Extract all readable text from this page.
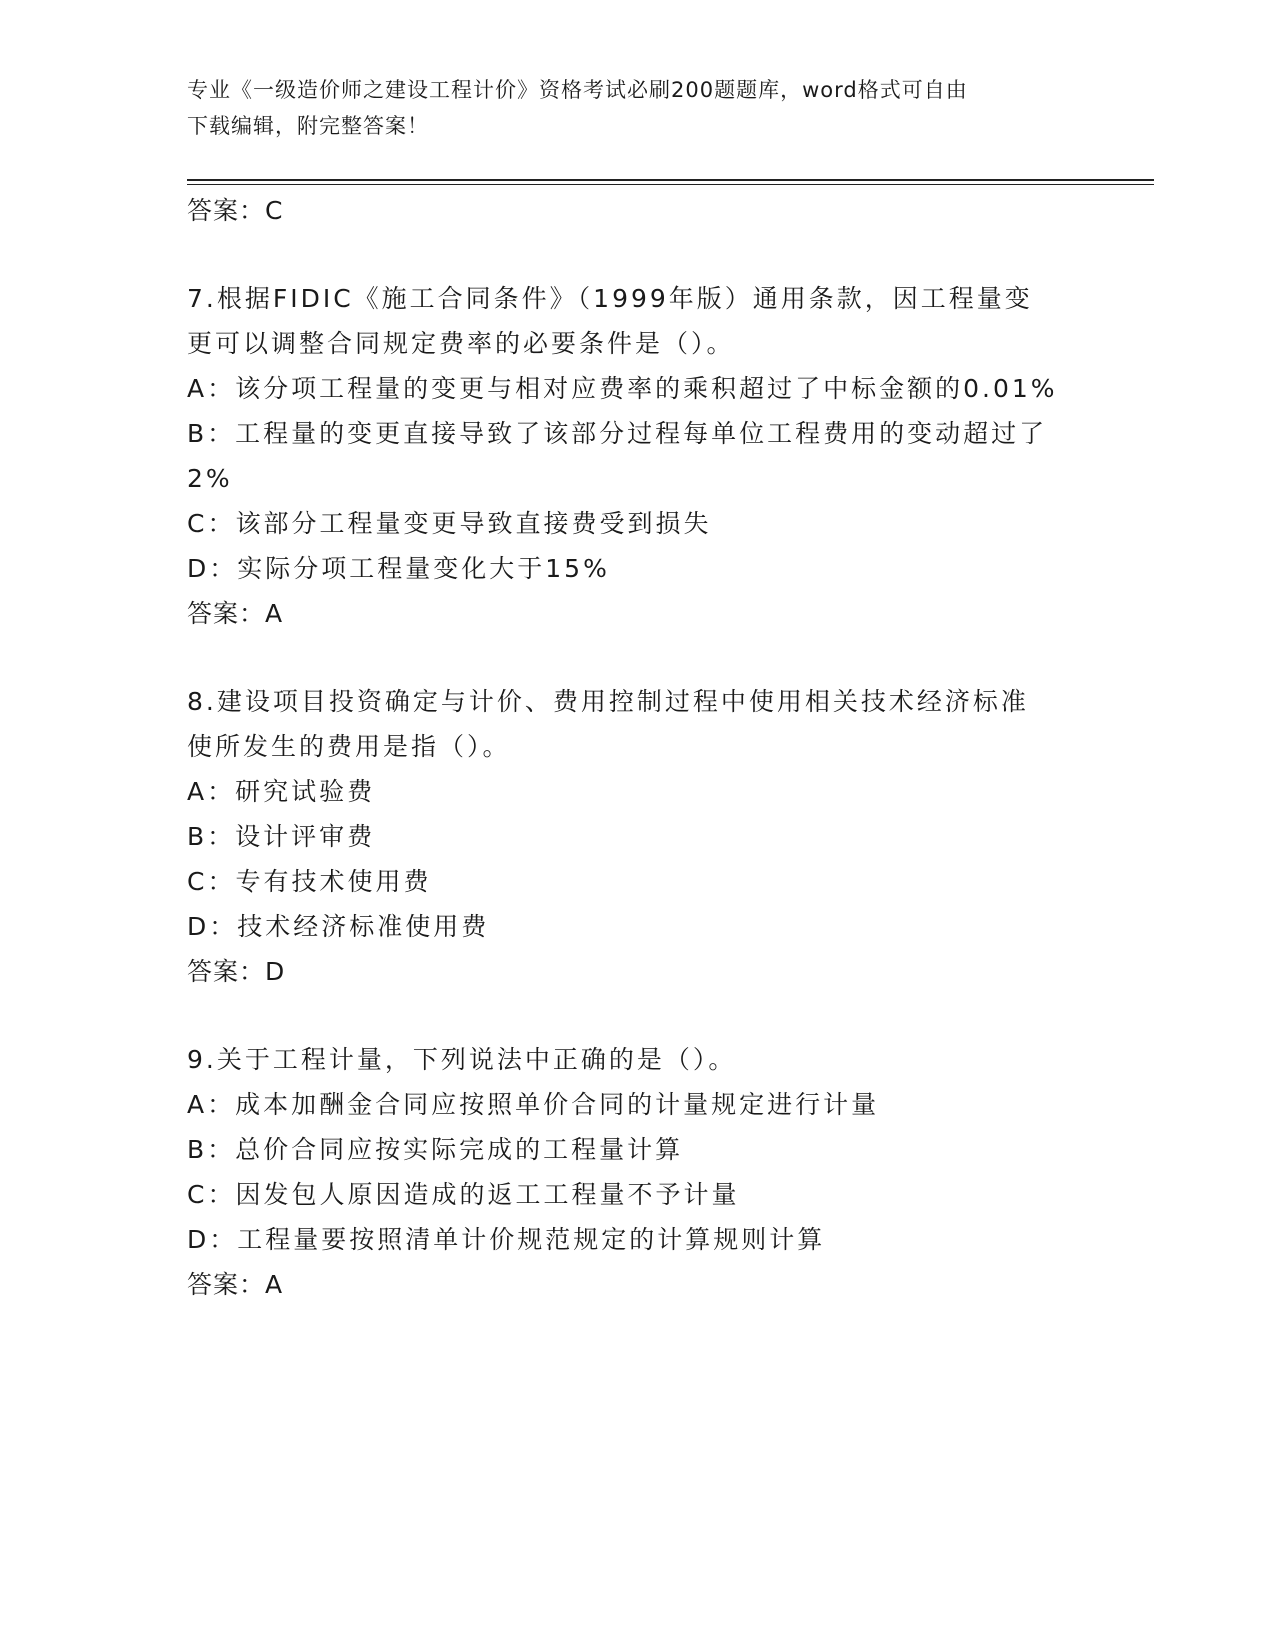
专业《一级造价师之建设工程计价》资格考试必刷200题题库，word格式可自由
下载编辑，附完整答案！
答案：C
7.根据FIDIC《施工合同条件》（1999年版）通用条款，因工程量变
更可以调整合同规定费率的必要条件是（）。
A：该分项工程量的变更与相对应费率的乘积超过了中标金额的0.01%
B：工程量的变更直接导致了该部分过程每单位工程费用的变动超过了
2%
C：该部分工程量变更导致直接费受到损失
D：实际分项工程量变化大于15%
答案：A
8.建设项目投资确定与计价、费用控制过程中使用相关技术经济标准
使所发生的费用是指（）。
A：研究试验费
B：设计评审费
C：专有技术使用费
D：技术经济标准使用费
答案：D
9.关于工程计量，下列说法中正确的是（）。
A：成本加酬金合同应按照单价合同的计量规定进行计量
B：总价合同应按实际完成的工程量计算
C：因发包人原因造成的返工工程量不予计量
D：工程量要按照清单计价规范规定的计算规则计算
答案：A
